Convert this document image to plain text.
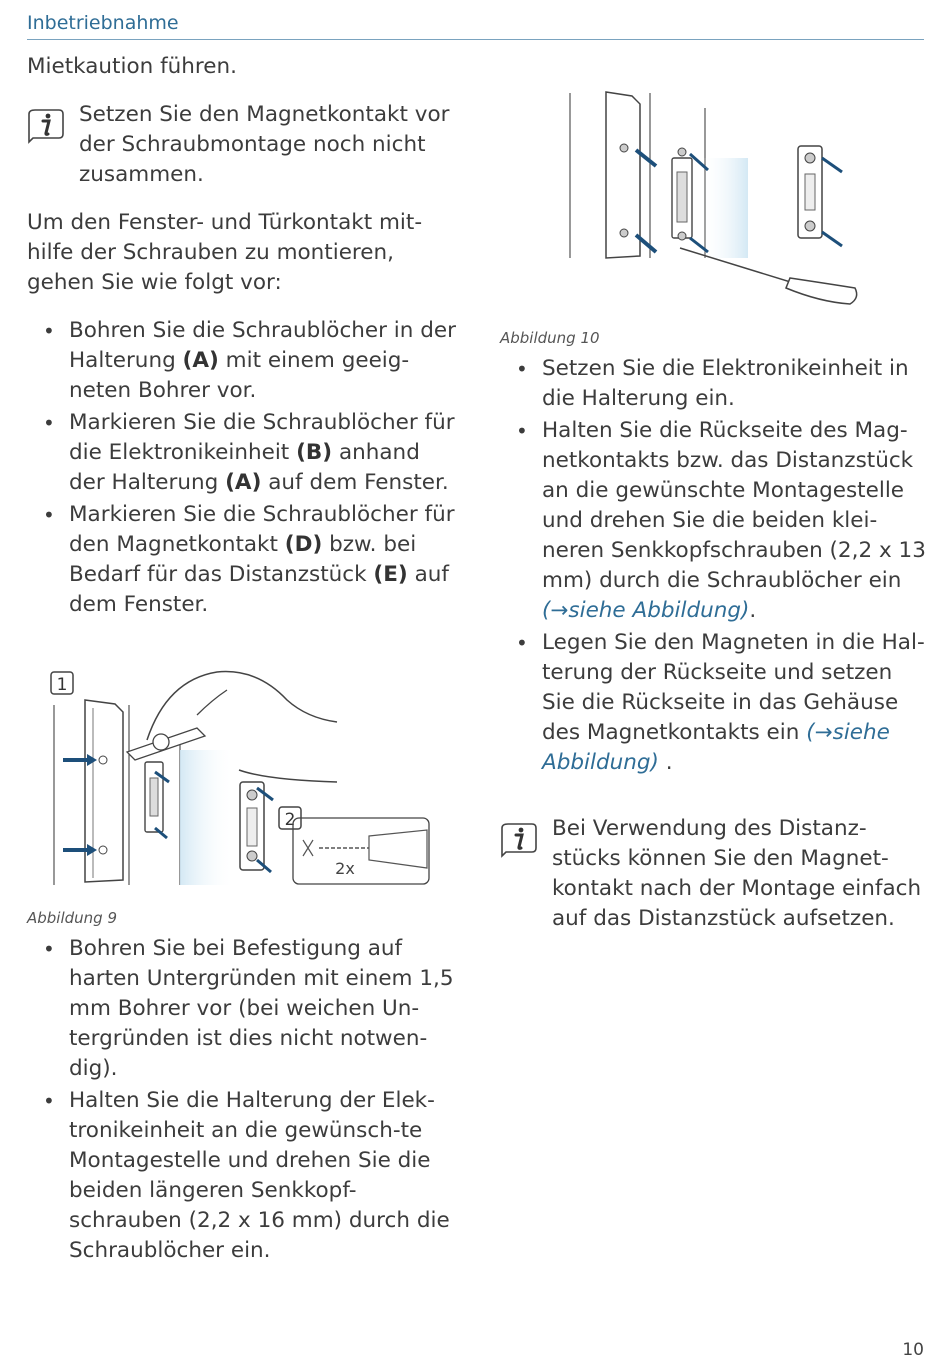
Inbetriebnahme

Mietkaution führen.

Setzen Sie den Magnetkontakt vor der Schraubmontage noch nicht zusammen.

Um den Fenster- und Türkontakt mit-hilfe der Schrauben zu montieren, gehen Sie wie folgt vor:

• Bohren Sie die Schraublöcher in der Halterung (A) mit einem geeig-neten Bohrer vor.
• Markieren Sie die Schraublöcher für die Elektronikeinheit (B) anhand der Halterung (A) auf dem Fenster.
• Markieren Sie die Schraublöcher für den Magnetkontakt (D) bzw. bei Bedarf für das Distanzstück (E) auf dem Fenster.
1
2
2x

Abbildung 9

• Bohren Sie bei Befestigung auf harten Untergründen mit einem 1,5 mm Bohrer vor (bei weichen Un-tergründen ist dies nicht notwen-dig).
• Halten Sie die Halterung der Elek-tronikeinheit an die gewünsch-te Montagestelle und drehen Sie die beiden längeren Senkkopf-schrauben (2,2 x 16 mm) durch die Schraublöcher ein.

Abbildung 10

• Setzen Sie die Elektronikeinheit in die Halterung ein.
• Halten Sie die Rückseite des Mag-netkontakts bzw. das Distanzstück an die gewünschte Montagestelle und drehen Sie die beiden klei-neren Senkkopfschrauben (2,2 x 13 mm) durch die Schraublöcher ein (→siehe Abbildung).
• Legen Sie den Magneten in die Hal-terung der Rückseite und setzen Sie die Rückseite in das Gehäuse des Magnetkontakts ein (→siehe Abbildung) .

Bei Verwendung des Distanz-stücks können Sie den Magnet-kontakt nach der Montage einfach auf das Distanzstück aufsetzen.

10
